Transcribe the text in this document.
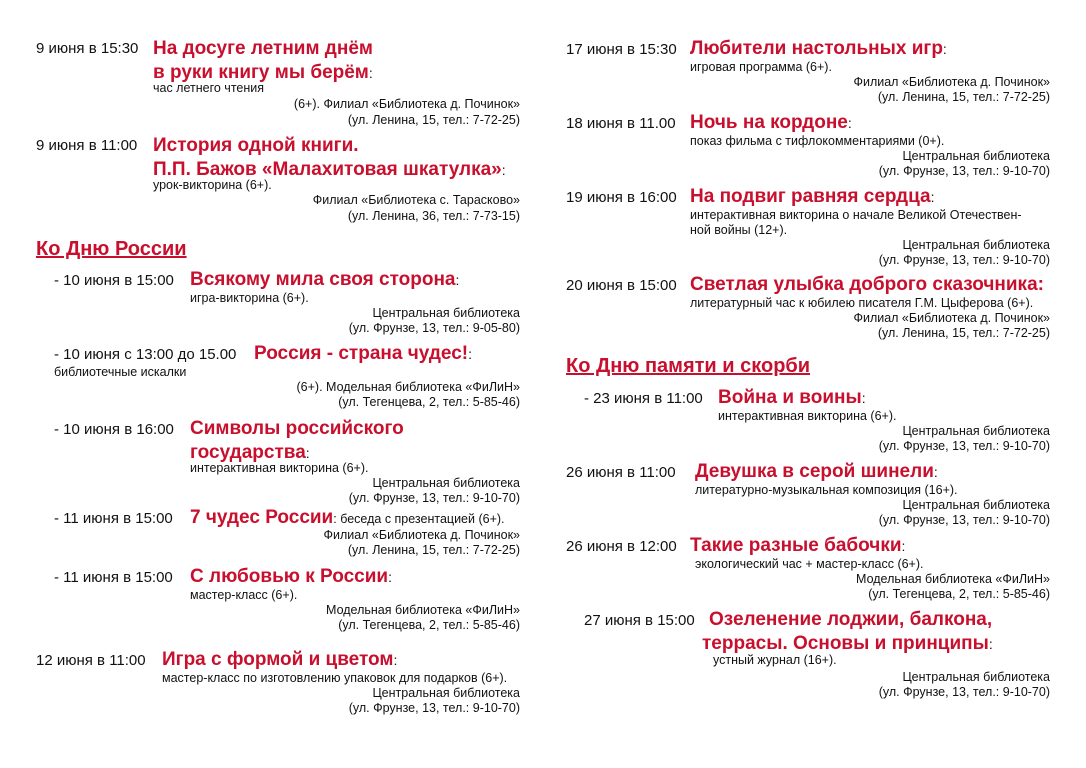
9 июня в 15:30 На досуге летним днём
в руки книгу мы берём:
час летнего чтения
(6+). Филиал «Библиотека д. Починок»
(ул. Ленина, 15, тел.: 7-72-25)
9 июня в 11:00 История одной книги.
П.П. Бажов «Малахитовая шкатулка»:
урок-викторина (6+).
Филиал «Библиотека с. Тарасково»
(ул. Ленина, 36, тел.: 7-73-15)
Ко Дню России
- 10 июня в 15:00 Всякому мила своя сторона:
игра-викторина (6+).
Центральная библиотека
(ул. Фрунзе, 13, тел.: 9-05-80)
- 10 июня с 13:00 до 15.00 Россия - страна чудес!:
библиотечные искалки
(6+). Модельная библиотека «ФиЛиН»
(ул. Тегенцева, 2, тел.: 5-85-46)
- 10 июня в 16:00 Символы российского
государства:
интерактивная викторина (6+).
Центральная библиотека
(ул. Фрунзе, 13, тел.: 9-10-70)
- 11 июня в 15:00 7 чудес России: беседа с презентацией (6+).
Филиал «Библиотека д. Починок»
(ул. Ленина, 15, тел.: 7-72-25)
- 11 июня в 15:00 С любовью к России:
мастер-класс (6+).
Модельная библиотека «ФиЛиН»
(ул. Тегенцева, 2, тел.: 5-85-46)
12 июня в 11:00 Игра с формой и цветом:
мастер-класс по изготовлению упаковок для подарков (6+).
Центральная библиотека
(ул. Фрунзе, 13, тел.: 9-10-70)
17 июня в 15:30 Любители настольных игр:
игровая программа (6+).
Филиал «Библиотека д. Починок»
(ул. Ленина, 15, тел.: 7-72-25)
18 июня в 11.00 Ночь на кордоне:
показ фильма с тифлокомментариями (0+).
Центральная библиотека
(ул. Фрунзе, 13, тел.: 9-10-70)
19 июня в 16:00 На подвиг равняя сердца:
интерактивная викторина о начале Великой Отечествен-
ной войны (12+).
Центральная библиотека
(ул. Фрунзе, 13, тел.: 9-10-70)
20 июня в 15:00 Светлая улыбка доброго сказочника:
литературный час к юбилею писателя Г.М. Цыферова (6+).
Филиал «Библиотека д. Починок»
(ул. Ленина, 15, тел.: 7-72-25)
Ко Дню памяти и скорби
- 23 июня в 11:00 Война и воины:
интерактивная викторина (6+).
Центральная библиотека
(ул. Фрунзе, 13, тел.: 9-10-70)
26 июня в 11:00 Девушка в серой шинели:
литературно-музыкальная композиция (16+).
Центральная библиотека
(ул. Фрунзе, 13, тел.: 9-10-70)
26 июня в 12:00 Такие разные бабочки:
экологический час + мастер-класс (6+).
Модельная библиотека «ФиЛиН»
(ул. Тегенцева, 2, тел.: 5-85-46)
27 июня в 15:00 Озеленение лоджии, балкона,
террасы. Основы и принципы:
устный журнал (16+).
Центральная библиотека
(ул. Фрунзе, 13, тел.: 9-10-70)
